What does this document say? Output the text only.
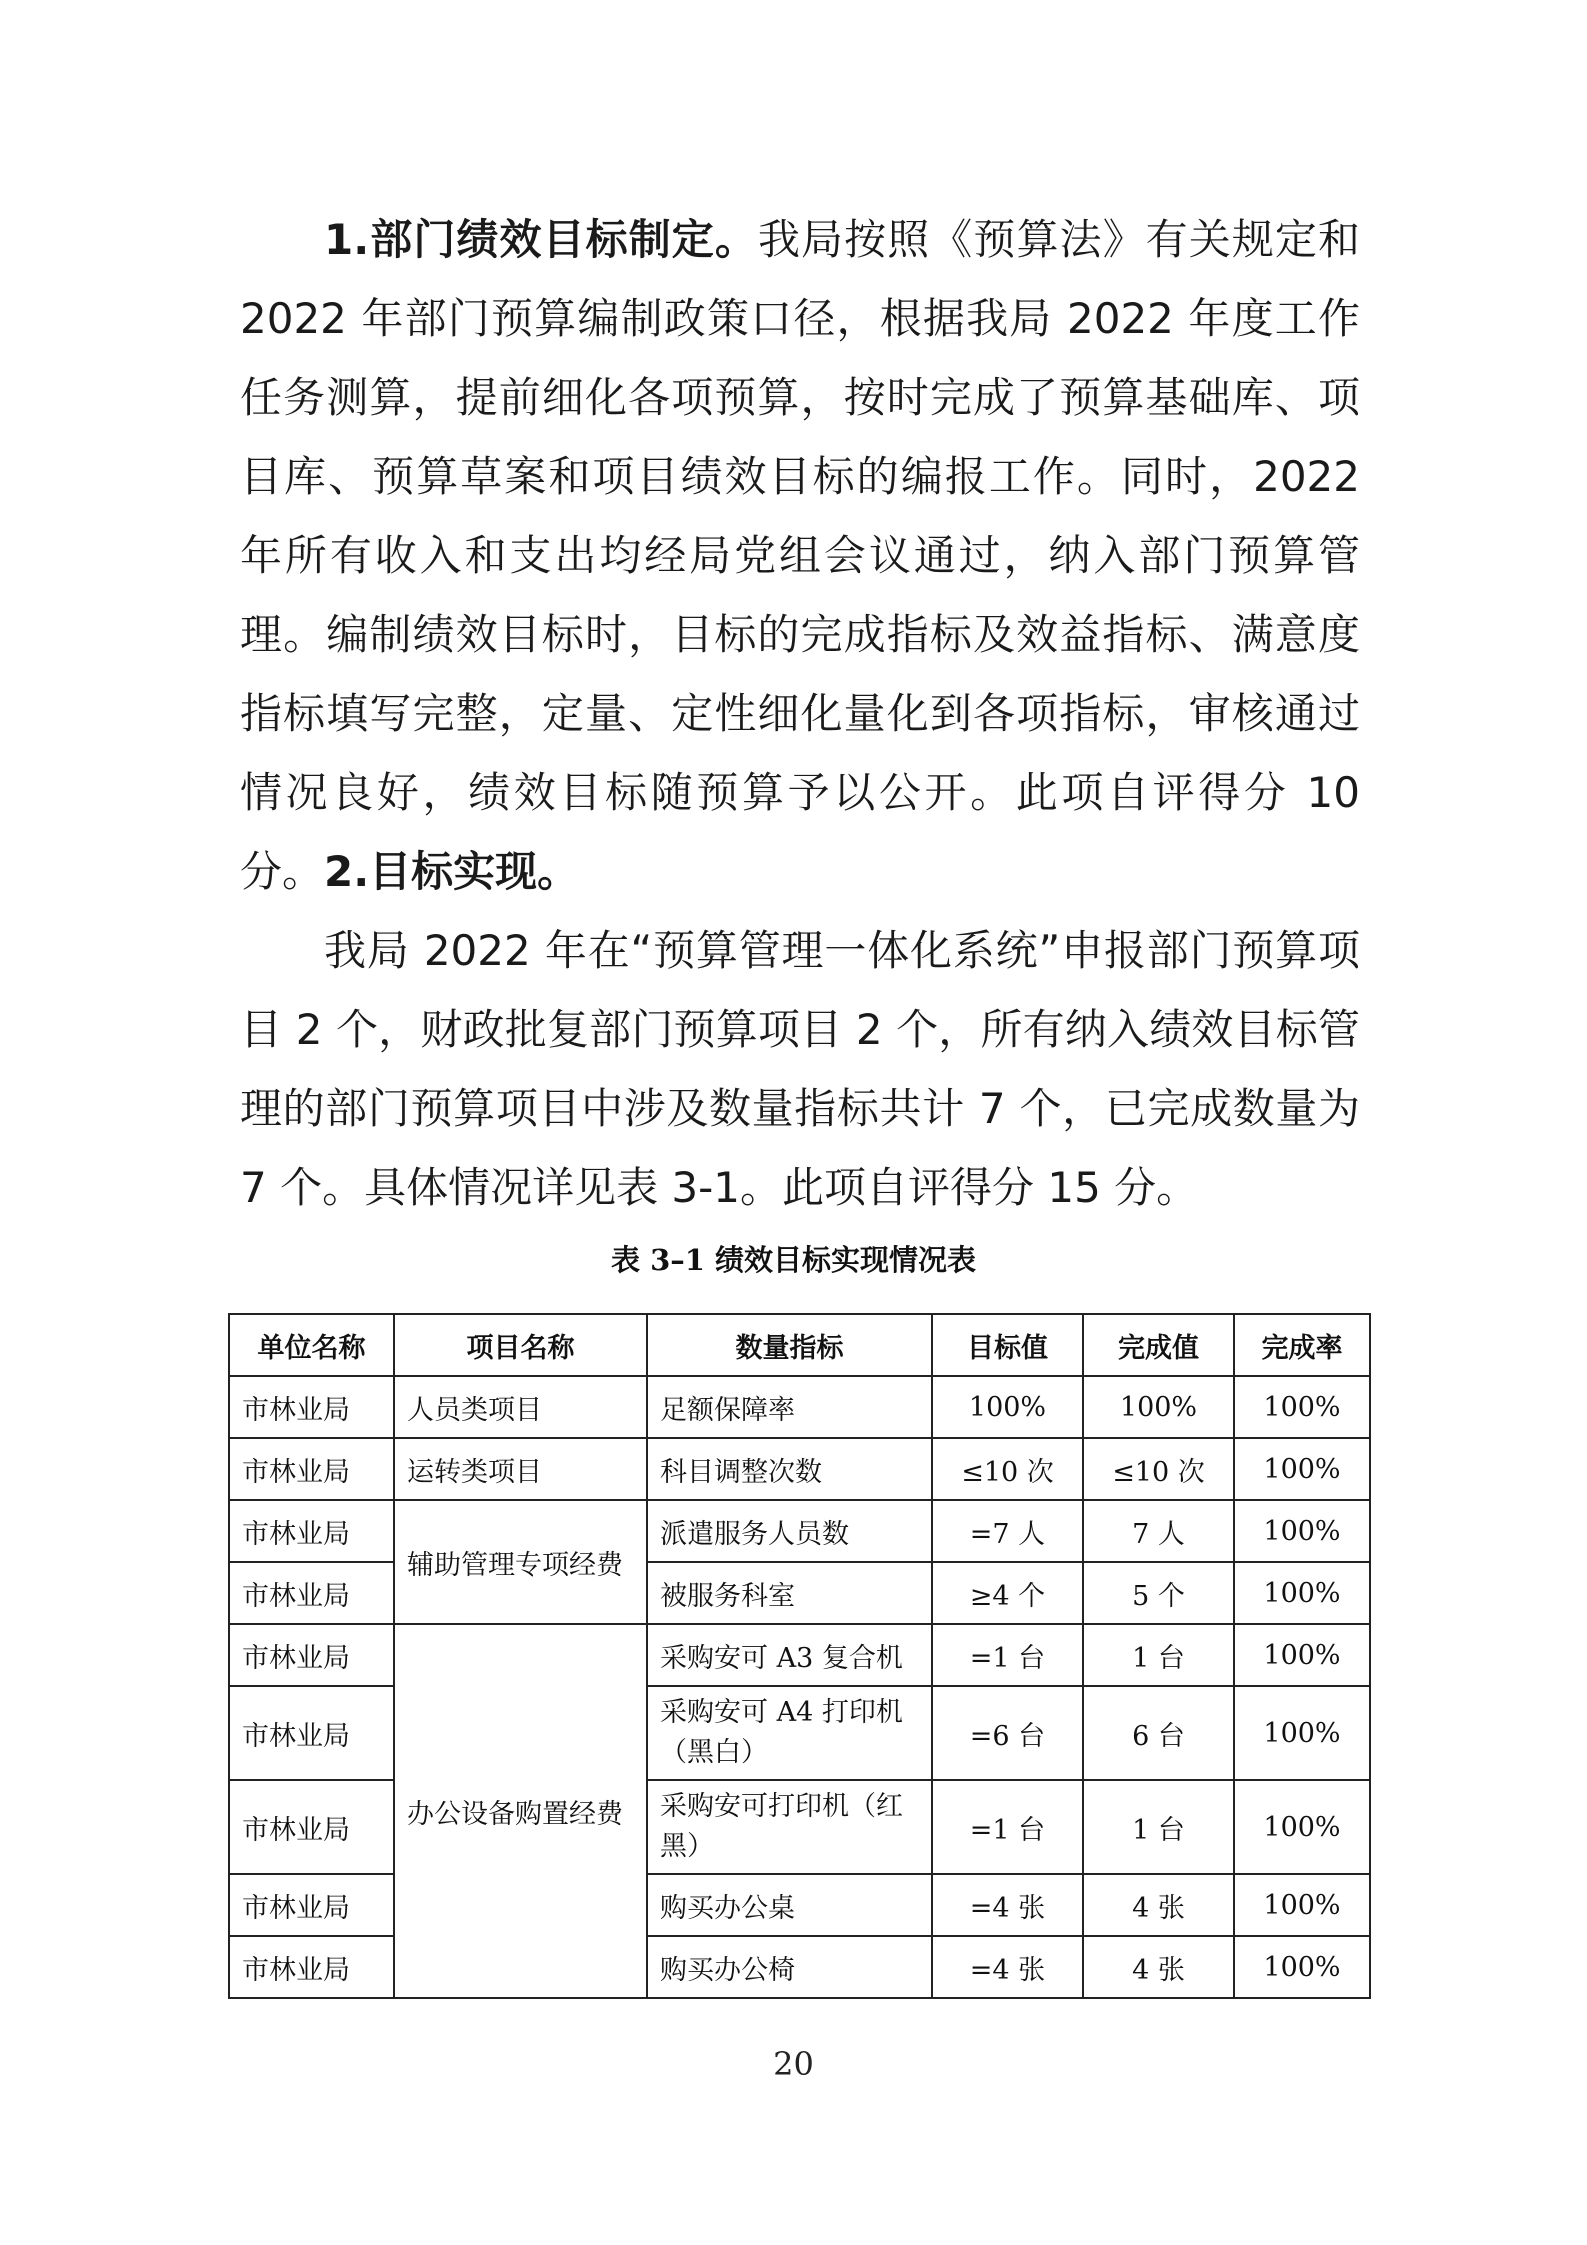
1.部门绩效目标制定。我局按照《预算法》有关规定和 2022 年部门预算编制政策口径，根据我局 2022 年度工作任务测算，提前细化各项预算，按时完成了预算基础库、项目库、预算草案和项目绩效目标的编报工作。同时，2022 年所有收入和支出均经局党组会议通过，纳入部门预算管理。编制绩效目标时，目标的完成指标及效益指标、满意度指标填写完整，定量、定性细化量化到各项指标，审核通过情况良好，绩效目标随预算予以公开。此项自评得分 10 分。 2.目标实现。

我局 2022 年在“预算管理一体化系统”申报部门预算项目 2 个，财政批复部门预算项目 2 个，所有纳入绩效目标管理的部门预算项目中涉及数量指标共计 7 个，已完成数量为 7 个。具体情况详见表 3-1。此项自评得分 15 分。

表 3–1 绩效目标实现情况表
单位名称	项目名称	数量指标	目标值	完成值	完成率
市林业局	人员类项目	足额保障率	100%	100%	100%
市林业局	运转类项目	科目调整次数	≤10 次	≤10 次	100%
市林业局	辅助管理专项经费	派遣服务人员数	=7 人	7 人	100%
市林业局		被服务科室	≥4 个	5 个	100%
市林业局	办公设备购置经费	采购安可 A3 复合机	=1 台	1 台	100%
市林业局		采购安可 A4 打印机（黑白）	=6 台	6 台	100%
市林业局		采购安可打印机（红黑）	=1 台	1 台	100%
市林业局		购买办公桌	=4 张	4 张	100%
市林业局		购买办公椅	=4 张	4 张	100%
20
